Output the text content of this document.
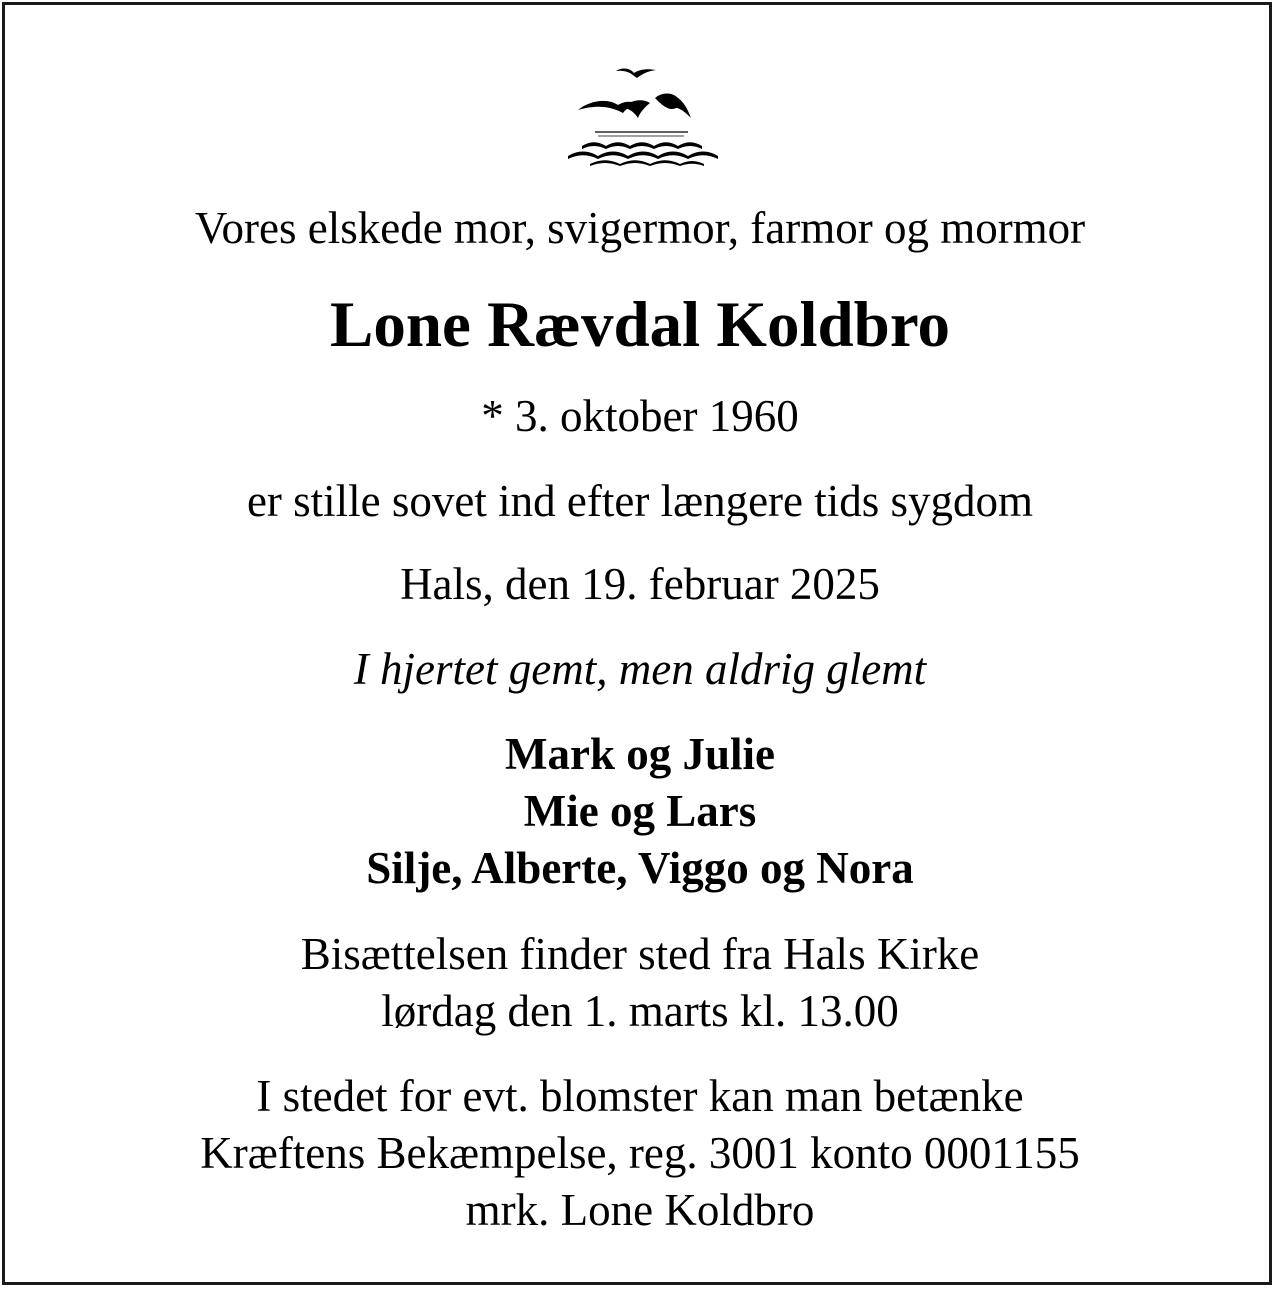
Vores elskede mor, svigermor, farmor og mormor
Lone Rævdal Koldbro
* 3. oktober 1960
er stille sovet ind efter længere tids sygdom
Hals, den 19. februar 2025
I hjertet gemt, men aldrig glemt
Mark og Julie
Mie og Lars
Silje, Alberte, Viggo og Nora
Bisættelsen finder sted fra Hals Kirke
lørdag den 1. marts kl. 13.00
I stedet for evt. blomster kan man betænke
Kræftens Bekæmpelse, reg. 3001 konto 0001155
mrk. Lone Koldbro
